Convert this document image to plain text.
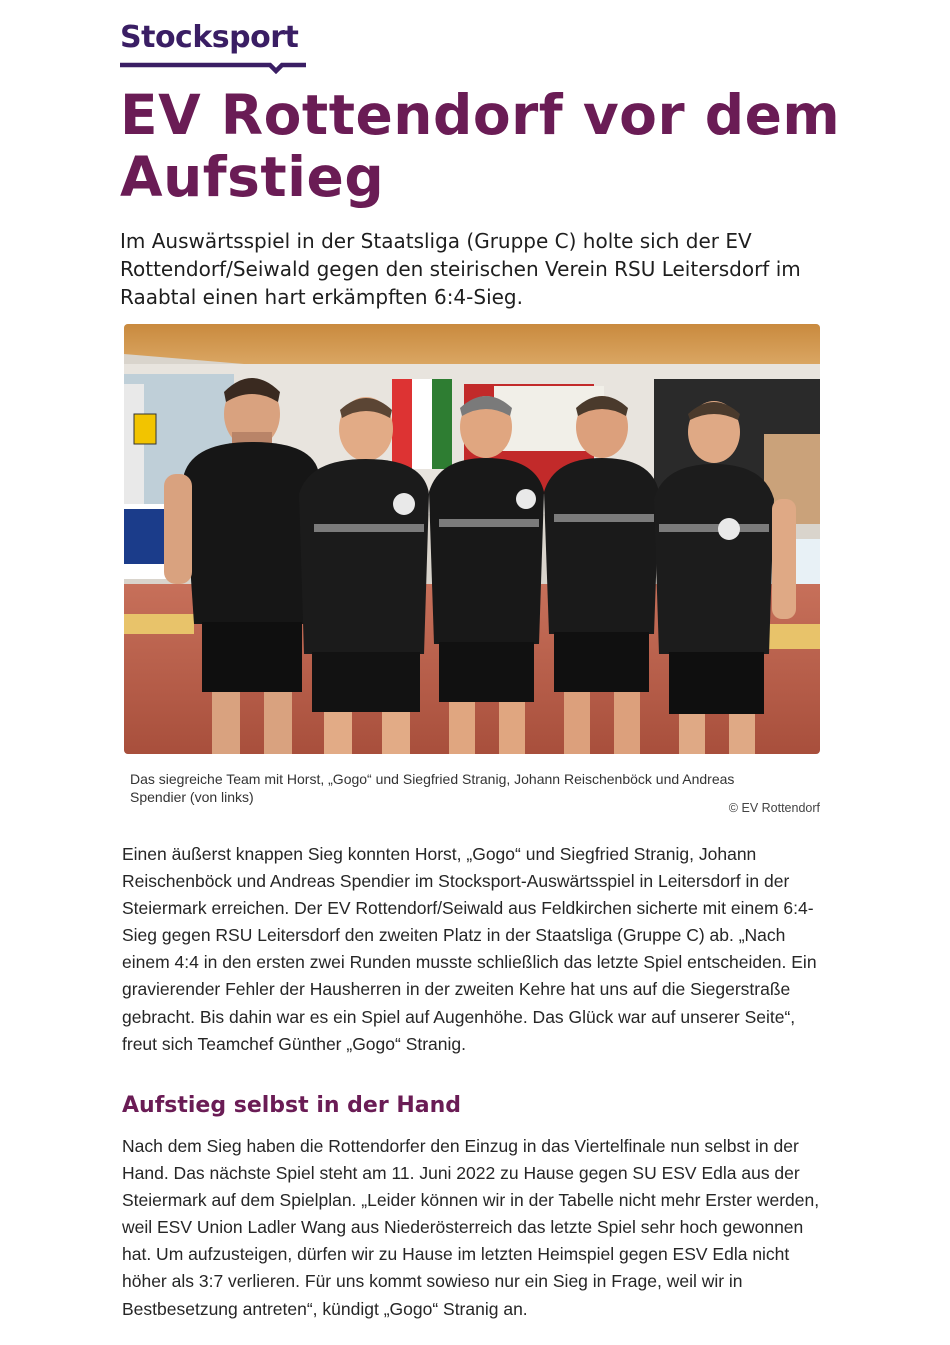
Stocksport
EV Rottendorf vor dem Aufstieg

Im Auswärtsspiel in der Staatsliga (Gruppe C) holte sich der EV Rottendorf/Seiwald gegen den steirischen Verein RSU Leitersdorf im Raabtal einen hart erkämpften 6:4-Sieg.

Das siegreiche Team mit Horst, „Gogo“ und Siegfried Stranig, Johann Reischenböck und Andreas Spendier (von links)

© EV Rottendorf

Einen äußerst knappen Sieg konnten Horst, „Gogo“ und Siegfried Stranig, Johann Reischenböck und Andreas Spendier im Stocksport-Auswärtsspiel in Leitersdorf in der Steiermark erreichen. Der EV Rottendorf/Seiwald aus Feldkirchen sicherte mit einem 6:4-Sieg gegen RSU Leitersdorf den zweiten Platz in der Staatsliga (Gruppe C) ab. „Nach einem 4:4 in den ersten zwei Runden musste schließlich das letzte Spiel entscheiden. Ein gravierender Fehler der Hausherren in der zweiten Kehre hat uns auf die Siegerstraße gebracht. Bis dahin war es ein Spiel auf Augenhöhe. Das Glück war auf unserer Seite“, freut sich Teamchef Günther „Gogo“ Stranig.

Aufstieg selbst in der Hand

Nach dem Sieg haben die Rottendorfer den Einzug in das Viertelfinale nun selbst in der Hand. Das nächste Spiel steht am 11. Juni 2022 zu Hause gegen SU ESV Edla aus der Steiermark auf dem Spielplan. „Leider können wir in der Tabelle nicht mehr Erster werden, weil ESV Union Ladler Wang aus Niederösterreich das letzte Spiel sehr hoch gewonnen hat. Um aufzusteigen, dürfen wir zu Hause im letzten Heimspiel gegen ESV Edla nicht höher als 3:7 verlieren. Für uns kommt sowieso nur ein Sieg in Frage, weil wir in Bestbesetzung antreten“, kündigt „Gogo“ Stranig an.
